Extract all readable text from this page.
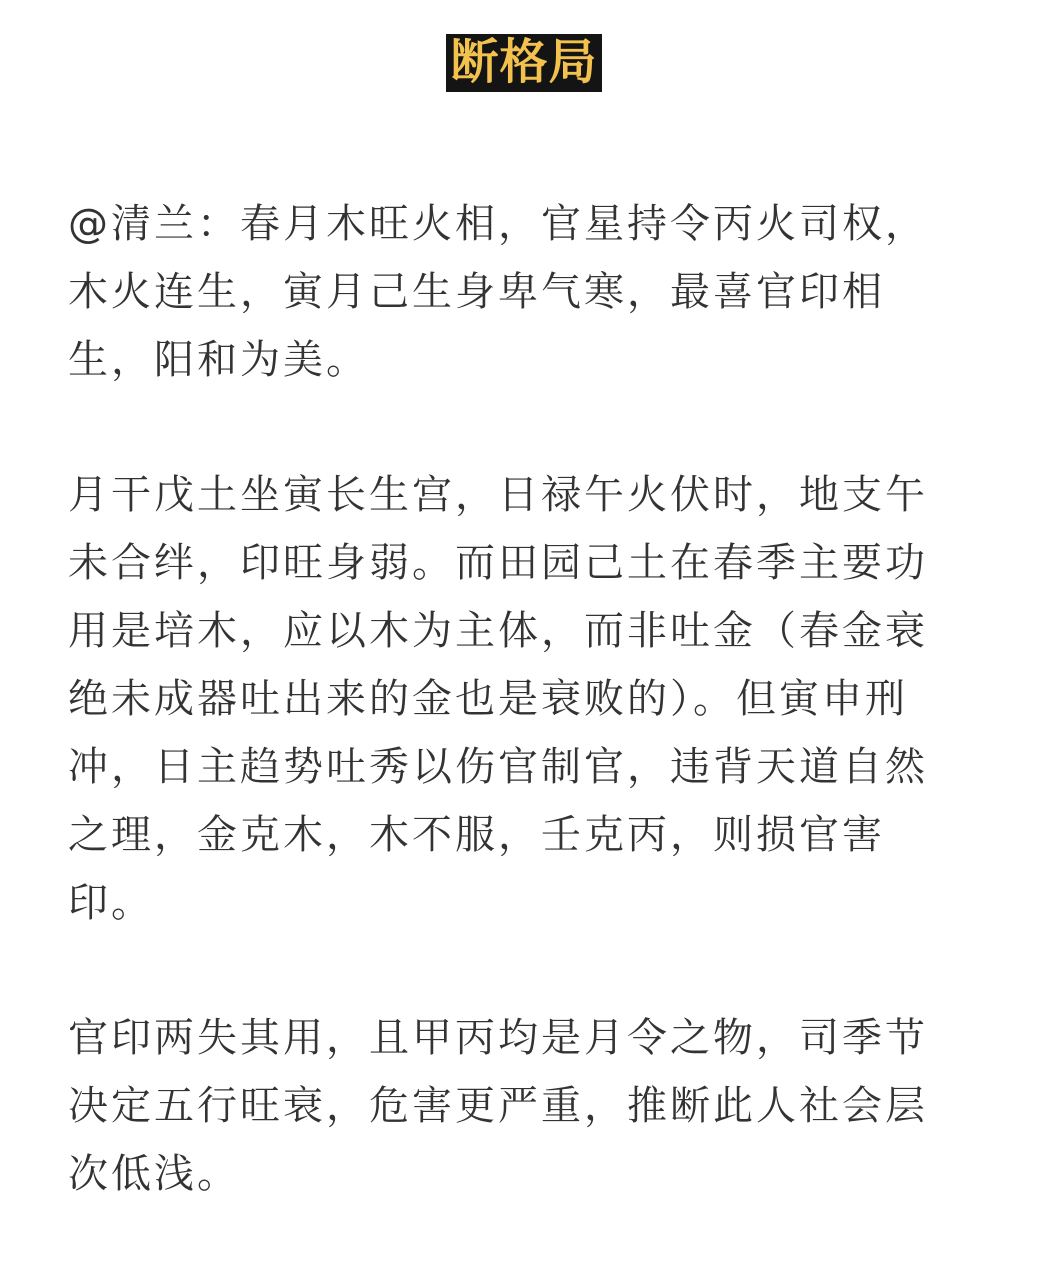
断格局

@清兰：春月木旺火相，官星持令丙火司权，木火连生，寅月己生身卑气寒，最喜官印相生，阳和为美。

月干戊土坐寅长生宫，日禄午火伏时，地支午未合绊，印旺身弱。而田园己土在春季主要功用是培木，应以木为主体，而非吐金（春金衰绝未成器吐出来的金也是衰败的）。但寅申刑冲，日主趋势吐秀以伤官制官，违背天道自然之理，金克木，木不服，壬克丙，则损官害印。

官印两失其用，且甲丙均是月令之物，司季节决定五行旺衰，危害更严重，推断此人社会层次低浅。
